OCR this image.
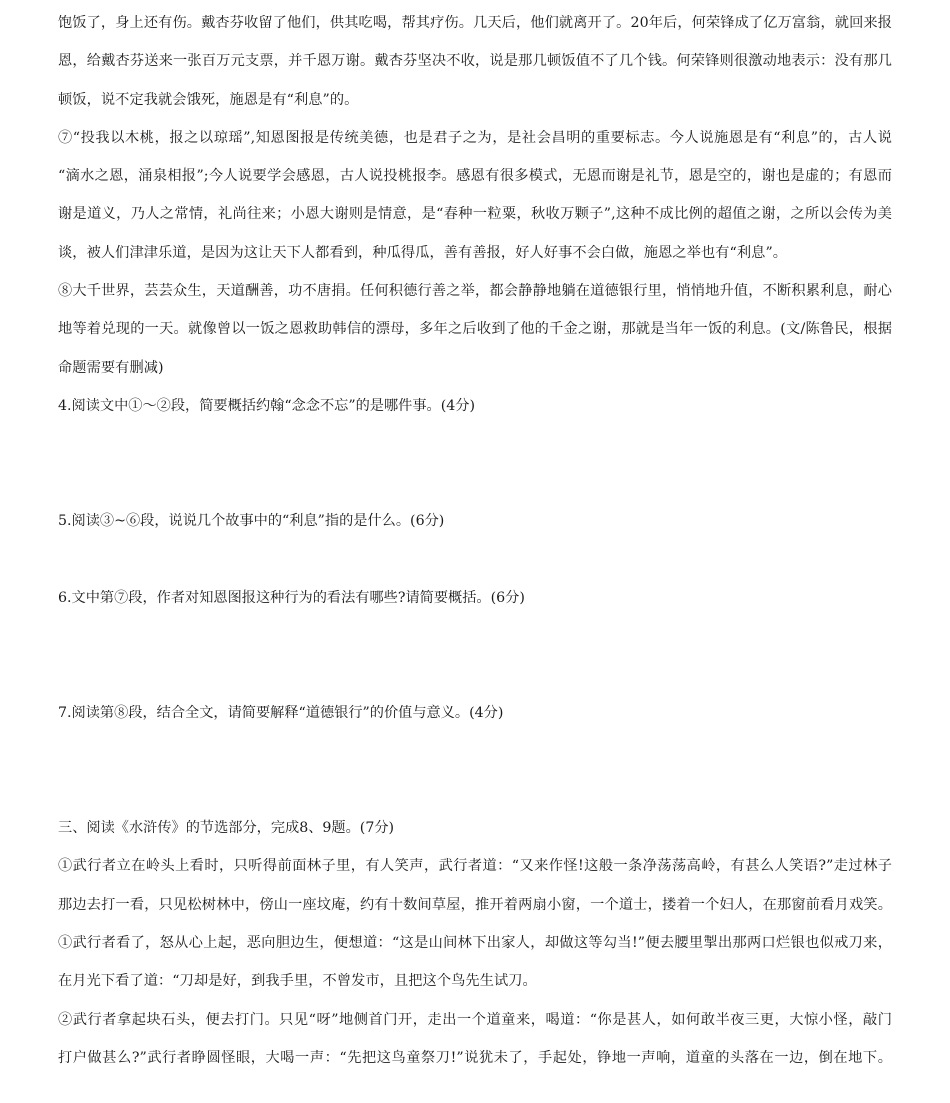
饱饭了，身上还有伤。戴杏芬收留了他们，供其吃喝，帮其疗伤。几天后，他们就离开了。20年后，何荣锋成了亿万富翁，就回来报

恩，给戴杏芬送来一张百万元支票，并千恩万谢。戴杏芬坚决不收，说是那几顿饭值不了几个钱。何荣锋则很激动地表示：没有那几

顿饭，说不定我就会饿死，施恩是有“利息”的。

⑦“投我以木桃，报之以琼瑶”,知恩图报是传统美德，也是君子之为，是社会昌明的重要标志。今人说施恩是有“利息”的，古人说

“滴水之恩，涌泉相报”;今人说要学会感恩，古人说投桃报李。感恩有很多模式，无恩而谢是礼节，恩是空的，谢也是虚的；有恩而

谢是道义，乃人之常情，礼尚往来；小恩大谢则是情意，是“春种一粒粟，秋收万颗子”,这种不成比例的超值之谢，之所以会传为美

谈，被人们津津乐道，是因为这让天下人都看到，种瓜得瓜，善有善报，好人好事不会白做，施恩之举也有“利息”。

⑧大千世界，芸芸众生，天道酬善，功不唐捐。任何积德行善之举，都会静静地躺在道德银行里，悄悄地升值，不断积累利息，耐心

地等着兑现的一天。就像曾以一饭之恩救助韩信的漂母，多年之后收到了他的千金之谢，那就是当年一饭的利息。(文/陈鲁民，根据

命题需要有删减)

4.阅读文中①～②段，简要概括约翰“念念不忘”的是哪件事。(4分)

5.阅读③~⑥段，说说几个故事中的“利息”指的是什么。(6分)

6.文中第⑦段，作者对知恩图报这种行为的看法有哪些?请简要概括。(6分)

7.阅读第⑧段，结合全文，请简要解释“道德银行”的价值与意义。(4分)

三、阅读《水浒传》的节选部分，完成8、9题。(7分)

①武行者立在岭头上看时，只听得前面林子里，有人笑声，武行者道：“又来作怪!这般一条净荡荡高岭，有甚么人笑语?”走过林子

那边去打一看，只见松树林中，傍山一座坟庵，约有十数间草屋，推开着两扇小窗，一个道士，搂着一个妇人，在那窗前看月戏笑。

①武行者看了，怒从心上起，恶向胆边生，便想道：“这是山间林下出家人，却做这等勾当!”便去腰里掣出那两口烂银也似戒刀来，

在月光下看了道：“刀却是好，到我手里，不曾发市，且把这个鸟先生试刀。

②武行者拿起块石头，便去打门。只见“呀”地侧首门开，走出一个道童来，喝道：“你是甚人，如何敢半夜三更，大惊小怪，敲门

打户做甚么?”武行者睁圆怪眼，大喝一声：“先把这鸟童祭刀!”说犹未了，手起处，铮地一声响，道童的头落在一边，倒在地下。
